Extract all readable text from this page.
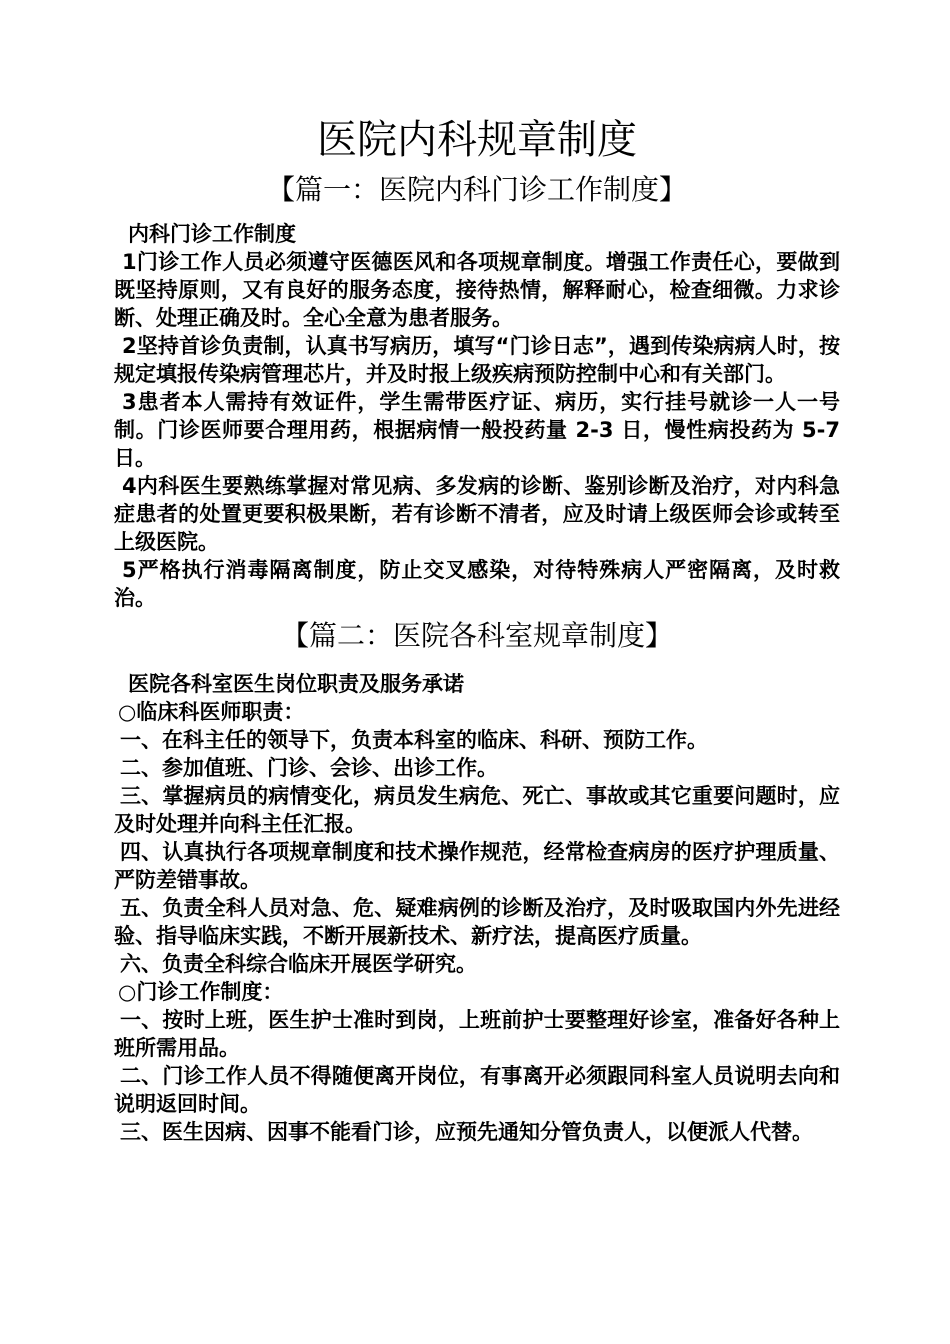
医院内科规章制度
【篇一：医院内科门诊工作制度】

内科门诊工作制度

1门诊工作人员必须遵守医德医风和各项规章制度。增强工作责任心，要做到既坚持原则，又有良好的服务态度，接待热情，解释耐心，检查细微。力求诊断、处理正确及时。全心全意为患者服务。

2坚持首诊负责制，认真书写病历，填写“门诊日志”，遇到传染病病人时，按规定填报传染病管理芯片，并及时报上级疾病预防控制中心和有关部门。

3患者本人需持有效证件，学生需带医疗证、病历，实行挂号就诊一人一号制。门诊医师要合理用药，根据病情一般投药量 2-3 日，慢性病投药为 5-7 日。

4内科医生要熟练掌握对常见病、多发病的诊断、鉴别诊断及治疗，对内科急症患者的处置更要积极果断，若有诊断不清者，应及时请上级医师会诊或转至上级医院。

5严格执行消毒隔离制度，防止交叉感染，对待特殊病人严密隔离，及时救治。

【篇二：医院各科室规章制度】

医院各科室医生岗位职责及服务承诺

○临床科医师职责：

一、在科主任的领导下，负责本科室的临床、科研、预防工作。

二、参加值班、门诊、会诊、出诊工作。

三、掌握病员的病情变化，病员发生病危、死亡、事故或其它重要问题时，应及时处理并向科主任汇报。

四、认真执行各项规章制度和技术操作规范，经常检查病房的医疗护理质量、严防差错事故。

五、负责全科人员对急、危、疑难病例的诊断及治疗，及时吸取国内外先进经验、指导临床实践，不断开展新技术、新疗法，提高医疗质量。

六、负责全科综合临床开展医学研究。

○门诊工作制度：

一、按时上班，医生护士准时到岗，上班前护士要整理好诊室，准备好各种上班所需用品。

二、门诊工作人员不得随便离开岗位，有事离开必须跟同科室人员说明去向和说明返回时间。

三、医生因病、因事不能看门诊，应预先通知分管负责人，以便派人代替。
